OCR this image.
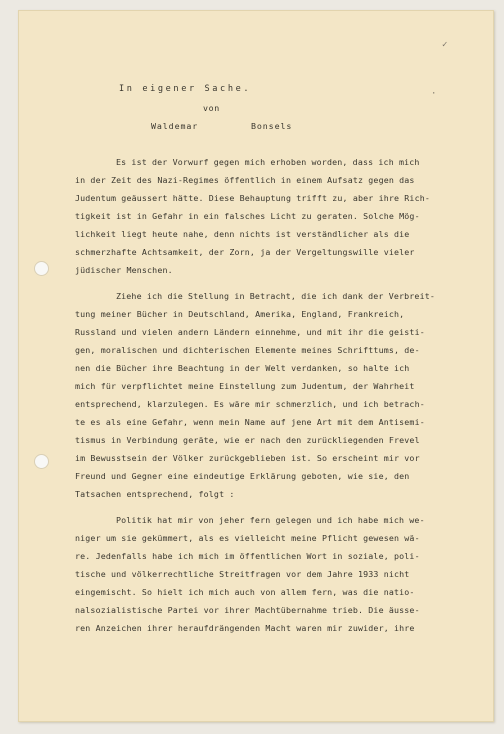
✓
·

In eigener Sache.

von

Waldemar

	Bonsels

Es ist der Vorwurf gegen mich erhoben worden, dass ich mich

in der Zeit des Nazi-Regimes öffentlich in einem Aufsatz gegen das

Judentum geäussert hätte. Diese Behauptung trifft zu, aber ihre Rich-

tigkeit ist in Gefahr in ein falsches Licht zu geraten. Solche Mög-

lichkeit liegt heute nahe, denn nichts ist verständlicher als die

schmerzhafte Achtsamkeit, der Zorn, ja der Vergeltungswille vieler

jüdischer Menschen.

Ziehe ich die Stellung in Betracht, die ich dank der Verbreit-

tung meiner Bücher in Deutschland, Amerika, England, Frankreich,

Russland und vielen andern Ländern einnehme, und mit ihr die geisti-

gen, moralischen und dichterischen Elemente meines Schrifttums, de-

nen die Bücher ihre Beachtung in der Welt verdanken, so halte ich

mich für verpflichtet meine Einstellung zum Judentum, der Wahrheit

entsprechend, klarzulegen. Es wäre mir schmerzlich, und ich betrach-

te es als eine Gefahr, wenn mein Name auf jene Art mit dem Antisemi-

tismus in Verbindung geräte, wie er nach den zurückliegenden Frevel

im Bewusstsein der Völker zurückgeblieben ist. So erscheint mir vor

Freund und Gegner eine eindeutige Erklärung geboten, wie sie, den

Tatsachen entsprechend, folgt :

Politik hat mir von jeher fern gelegen und ich habe mich we-

niger um sie gekümmert, als es vielleicht meine Pflicht gewesen wä-

re. Jedenfalls habe ich mich im öffentlichen Wort in soziale, poli-

tische und völkerrechtliche Streitfragen vor dem Jahre 1933 nicht

eingemischt. So hielt ich mich auch von allem fern, was die natio-

nalsozialistische Partei vor ihrer Machtübernahme trieb. Die äusse-

ren Anzeichen ihrer heraufdrängenden Macht waren mir zuwider, ihre
